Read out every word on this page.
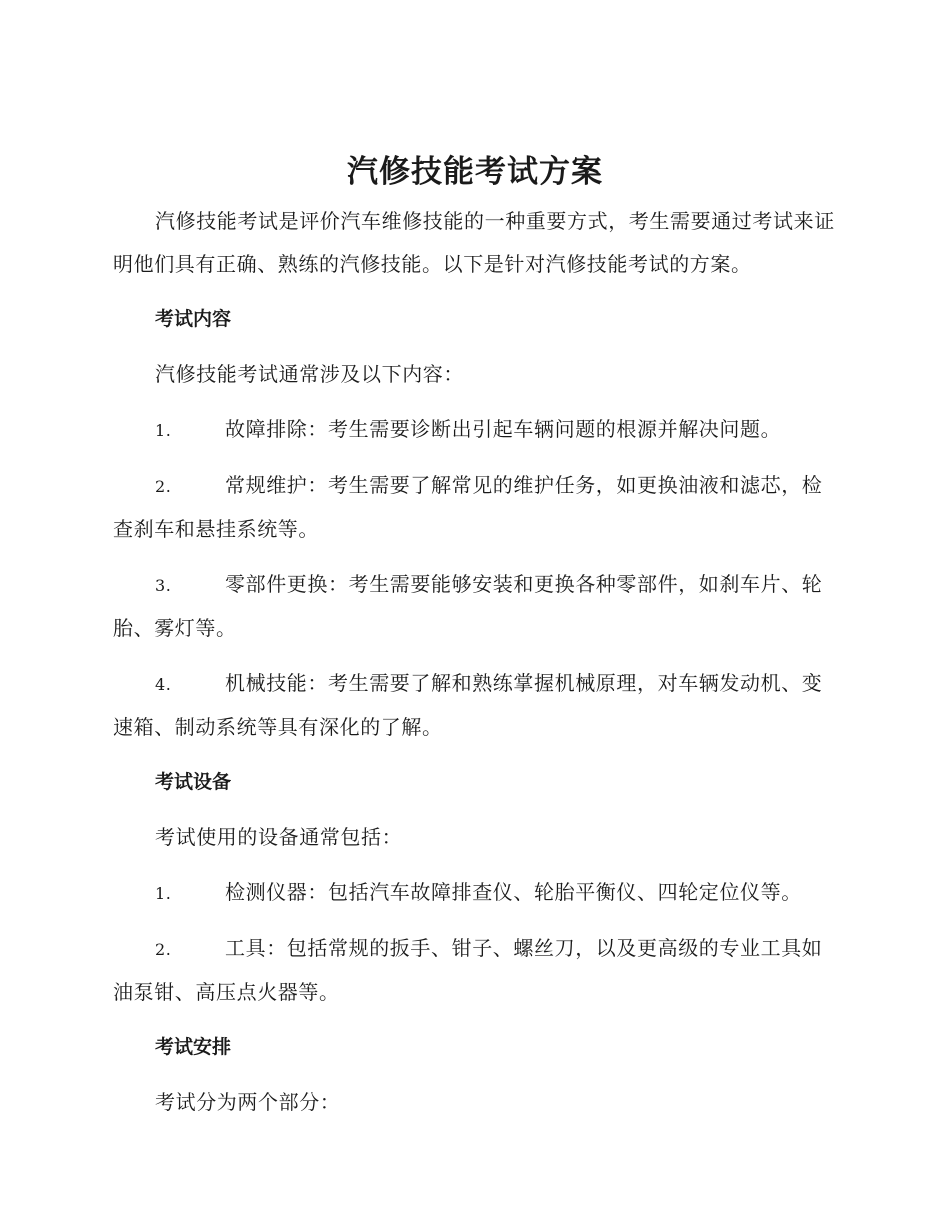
汽修技能考试方案

汽修技能考试是评价汽车维修技能的一种重要方式，考生需要通过考试来证明他们具有正确、熟练的汽修技能。以下是针对汽修技能考试的方案。

考试内容

汽修技能考试通常涉及以下内容：

1.	故障排除：考生需要诊断出引起车辆问题的根源并解决问题。

2.	常规维护：考生需要了解常见的维护任务，如更换油液和滤芯，检查刹车和悬挂系统等。

3.	零部件更换：考生需要能够安装和更换各种零部件，如刹车片、轮胎、雾灯等。

4.	机械技能：考生需要了解和熟练掌握机械原理，对车辆发动机、变速箱、制动系统等具有深化的了解。

考试设备

考试使用的设备通常包括：

1.	检测仪器：包括汽车故障排查仪、轮胎平衡仪、四轮定位仪等。

2.	工具：包括常规的扳手、钳子、螺丝刀，以及更高级的专业工具如油泵钳、高压点火器等。

考试安排

考试分为两个部分：
